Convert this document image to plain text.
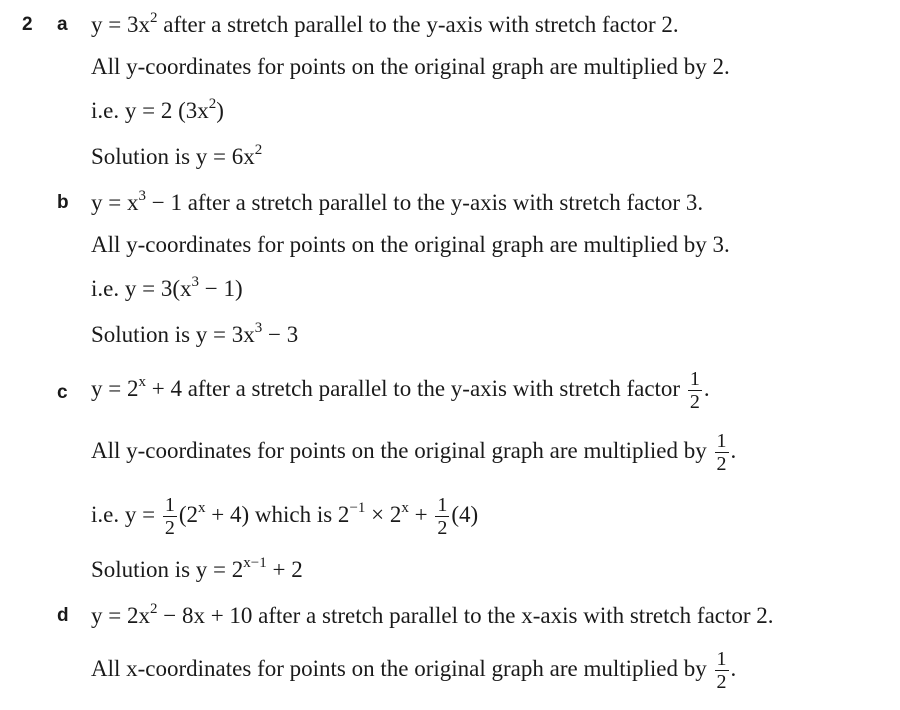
2 a $y = 3x^2$ after a stretch parallel to the y-axis with stretch factor 2.
All y-coordinates for points on the original graph are multiplied by 2.
i.e. y = 2 $(3x^2)$
Solution is $y = 6x^2$
b $y = x^3 - 1$ after a stretch parallel to the y-axis with stretch factor 3.
All y-coordinates for points on the original graph are multiplied by 3.
i.e. $y = 3(x^3 - 1)$
Solution is $y = 3x^3 - 3$
c $y = 2^x + 4$ after a stretch parallel to the y-axis with stretch factor $\frac{1}{2}$ .
All y-coordinates for points on the original graph are multiplied by $\frac{1}{2}$ .
i.e. $y = \frac{1}{2} (2^x + 4)$ which is $2^{-1} \times 2^x + \frac{1}{2} (4)$
Solution is $y = 2^{x-1} + 2$
d $y = 2x^2 - 8x + 10$ after a stretch parallel to the x-axis with stretch factor 2.
All x-coordinates for points on the original graph are multiplied by $\frac{1}{2}$ .
